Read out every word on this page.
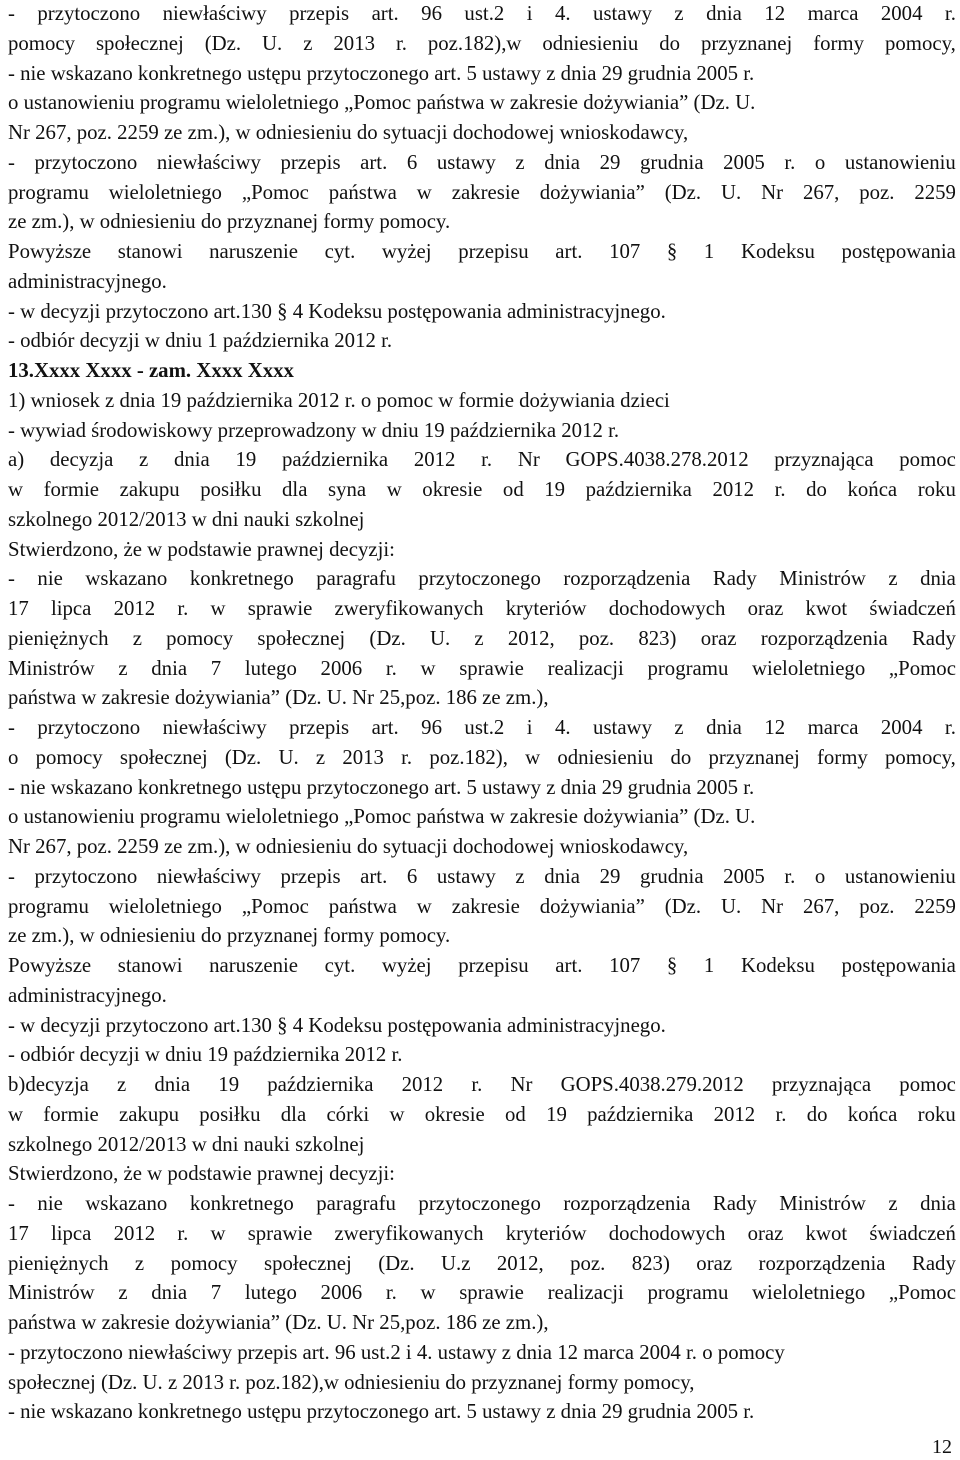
- przytoczono niewłaściwy przepis art. 96 ust.2 i 4. ustawy z dnia 12 marca 2004 r.
pomocy społecznej (Dz. U. z 2013 r. poz.182),w odniesieniu do przyznanej formy pomocy,
- nie wskazano konkretnego ustępu przytoczonego art. 5 ustawy z dnia 29 grudnia 2005 r.
o ustanowieniu programu wieloletniego „Pomoc państwa w zakresie dożywiania” (Dz. U.
Nr 267, poz. 2259 ze zm.), w odniesieniu do sytuacji dochodowej wnioskodawcy,
- przytoczono niewłaściwy przepis art. 6 ustawy z dnia 29 grudnia 2005 r. o ustanowieniu
programu wieloletniego „Pomoc państwa w zakresie dożywiania” (Dz. U. Nr 267, poz. 2259
ze zm.), w odniesieniu do przyznanej formy pomocy.
Powyższe stanowi naruszenie cyt. wyżej przepisu art. 107 § 1 Kodeksu postępowania
administracyjnego.
- w decyzji przytoczono art.130 § 4 Kodeksu postępowania administracyjnego.
- odbiór decyzji w dniu 1 października 2012 r.
13.Xxxx Xxxx - zam. Xxxx Xxxx
1) wniosek z dnia 19 października 2012 r. o pomoc w formie dożywiania dzieci
- wywiad środowiskowy przeprowadzony w dniu 19 października 2012 r.
a) decyzja z dnia 19 października 2012 r. Nr GOPS.4038.278.2012 przyznająca pomoc
w formie zakupu posiłku dla syna w okresie od 19 października 2012 r. do końca roku
szkolnego 2012/2013 w dni nauki szkolnej
Stwierdzono, że w podstawie prawnej decyzji:
- nie wskazano konkretnego paragrafu przytoczonego rozporządzenia Rady Ministrów z dnia
17 lipca 2012 r. w sprawie zweryfikowanych kryteriów dochodowych oraz kwot świadczeń
pieniężnych z pomocy społecznej (Dz. U. z 2012, poz. 823) oraz rozporządzenia Rady
Ministrów z dnia 7 lutego 2006 r. w sprawie realizacji programu wieloletniego „Pomoc
państwa w zakresie dożywiania” (Dz. U. Nr 25,poz. 186 ze zm.),
- przytoczono niewłaściwy przepis art. 96 ust.2 i 4. ustawy z dnia 12 marca 2004 r.
o pomocy społecznej (Dz. U. z 2013 r. poz.182), w odniesieniu do przyznanej formy pomocy,
- nie wskazano konkretnego ustępu przytoczonego art. 5 ustawy z dnia 29 grudnia 2005 r.
o ustanowieniu programu wieloletniego „Pomoc państwa w zakresie dożywiania” (Dz. U.
Nr 267, poz. 2259 ze zm.), w odniesieniu do sytuacji dochodowej wnioskodawcy,
- przytoczono niewłaściwy przepis art. 6 ustawy z dnia 29 grudnia 2005 r. o ustanowieniu
programu wieloletniego „Pomoc państwa w zakresie dożywiania” (Dz. U. Nr 267, poz. 2259
ze zm.), w odniesieniu do przyznanej formy pomocy.
Powyższe stanowi naruszenie cyt. wyżej przepisu art. 107 § 1 Kodeksu postępowania
administracyjnego.
- w decyzji przytoczono art.130 § 4 Kodeksu postępowania administracyjnego.
- odbiór decyzji w dniu 19 października 2012 r.
b)decyzja z dnia 19 października 2012 r. Nr GOPS.4038.279.2012 przyznająca pomoc
w formie zakupu posiłku dla córki w okresie od 19 października 2012 r. do końca roku
szkolnego 2012/2013 w dni nauki szkolnej
Stwierdzono, że w podstawie prawnej decyzji:
- nie wskazano konkretnego paragrafu przytoczonego rozporządzenia Rady Ministrów z dnia
17 lipca 2012 r. w sprawie zweryfikowanych kryteriów dochodowych oraz kwot świadczeń
pieniężnych z pomocy społecznej (Dz. U.z 2012, poz. 823) oraz rozporządzenia Rady
Ministrów z dnia 7 lutego 2006 r. w sprawie realizacji programu wieloletniego „Pomoc
państwa w zakresie dożywiania” (Dz. U. Nr 25,poz. 186 ze zm.),
- przytoczono niewłaściwy przepis art. 96 ust.2 i 4. ustawy z dnia 12 marca 2004 r. o pomocy
społecznej (Dz. U. z 2013 r. poz.182),w odniesieniu do przyznanej formy pomocy,
- nie wskazano konkretnego ustępu przytoczonego art. 5 ustawy z dnia 29 grudnia 2005 r.
12
